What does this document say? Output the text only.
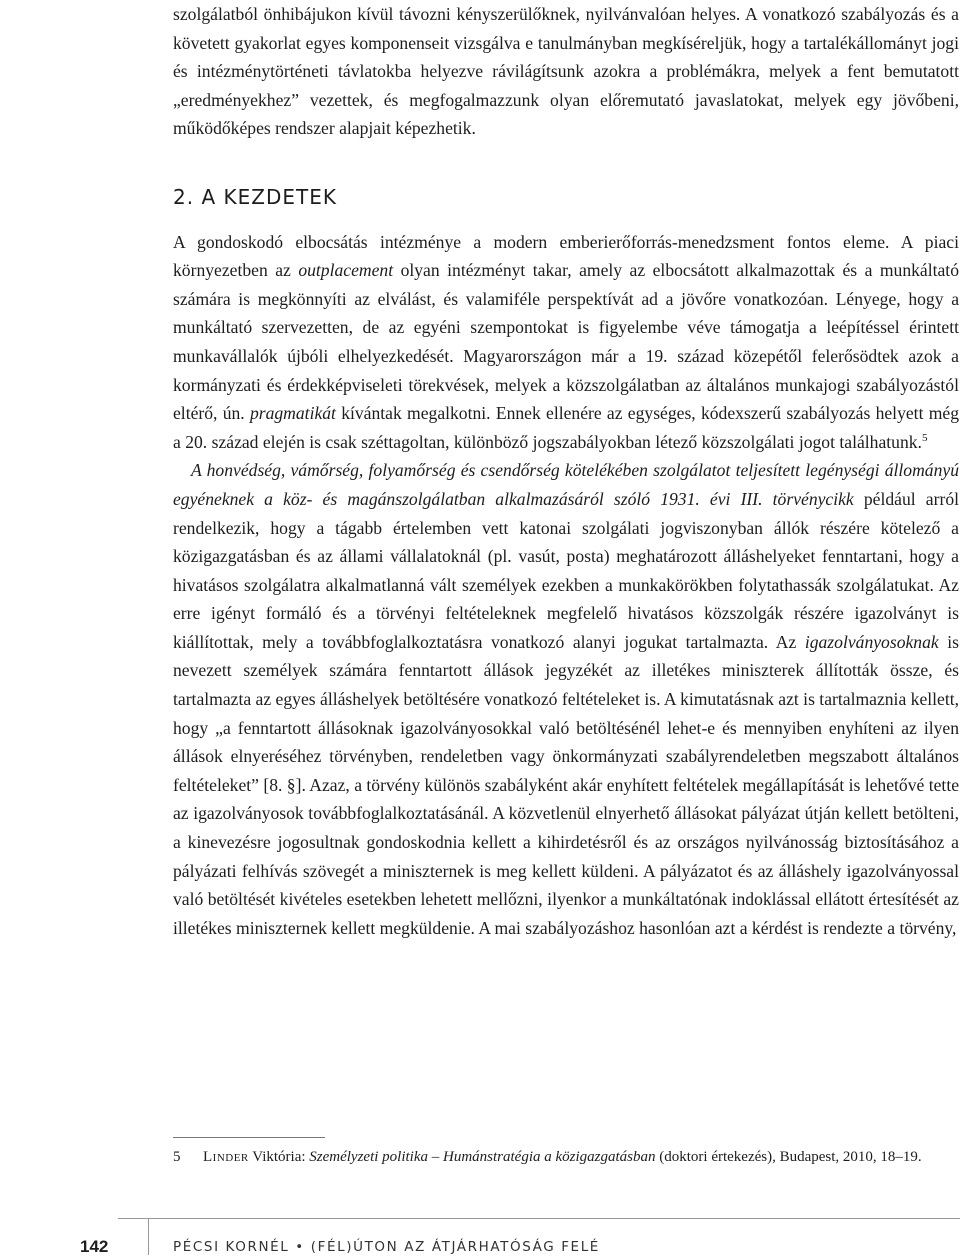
szolgálatból önhibájukon kívül távozni kényszerülőknek, nyilvánvalóan helyes. A vonatkozó szabályozás és a követett gyakorlat egyes komponenseit vizsgálva e tanulmányban megkíséreljük, hogy a tartalékállományt jogi és intézménytörténeti távlatokba helyezve rávilágítsunk azokra a problémákra, melyek a fent bemutatott „eredményekhez” vezettek, és megfogalmazzunk olyan előremutató javaslatokat, melyek egy jövőbeni, működőképes rendszer alapjait képezhetik.

2. A KEZDETEK

A gondoskodó elbocsátás intézménye a modern emberierőforrás-menedzsment fontos eleme. A piaci környezetben az outplacement olyan intézményt takar, amely az elbocsátott alkalmazottak és a munkáltató számára is megkönnyíti az elválást, és valamiféle perspektívát ad a jövőre vonatkozóan. Lényege, hogy a munkáltató szervezetten, de az egyéni szempontokat is figyelembe véve támogatja a leépítéssel érintett munkavállalók újbóli elhelyezkedését. Magyarországon már a 19. század közepétől felerősödtek azok a kormányzati és érdekképviseleti törekvések, melyek a közszolgálatban az általános munkajogi szabályozástól eltérő, ún. pragmatikát kívántak megalkotni. Ennek ellenére az egységes, kódexszerű szabályozás helyett még a 20. század elején is csak széttagoltan, különböző jogszabályokban létező közszolgálati jogot találhatunk.$^5$

A honvédség, vámőrség, folyamőrség és csendőrség kötelékében szolgálatot teljesített legénységi állományú egyéneknek a köz- és magánszolgálatban alkalmazásáról szóló 1931. évi III. törvénycikk például arról rendelkezik, hogy a tágabb értelemben vett katonai szolgálati jogviszonyban állók részére kötelező a közigazgatásban és az állami vállalatoknál (pl. vasút, posta) meghatározott álláshelyeket fenntartani, hogy a hivatásos szolgálatra alkalmatlanná vált személyek ezekben a munkakörökben folytathassák szolgálatukat. Az erre igényt formáló és a törvényi feltételeknek megfelelő hivatásos közszolgák részére igazolványt is kiállítottak, mely a továbbfoglalkoztatásra vonatkozó alanyi jogukat tartalmazta. Az igazolványosoknak is nevezett személyek számára fenntartott állások jegyzékét az illetékes miniszterek állították össze, és tartalmazta az egyes álláshelyek betöltésére vonatkozó feltételeket is. A kimutatásnak azt is tartalmaznia kellett, hogy „a fenntartott állásoknak igazolványosokkal való betöltésénél lehet-e és mennyiben enyhíteni az ilyen állások elnyeréséhez törvényben, rendeletben vagy önkormányzati szabályrendeletben megszabott általános feltételeket” [8. §]. Azaz, a törvény különös szabályként akár enyhített feltételek megállapítását is lehetővé tette az igazolványosok továbbfoglalkoztatásánál. A közvetlenül elnyerhető állásokat pályázat útján kellett betölteni, a kinevezésre jogosultnak gondoskodnia kellett a kihirdetésről és az országos nyilvánosság biztosításához a pályázati felhívás szövegét a miniszternek is meg kellett küldeni. A pályázatot és az álláshely igazolványossal való betöltését kivételes esetekben lehetett mellőzni, ilyenkor a munkáltatónak indoklással ellátott értesítését az illetékes miniszternek kellett megküldenie. A mai szabályozáshoz hasonlóan azt a kérdést is rendezte a törvény,

5 Linder Viktória: Személyzeti politika – Humánstratégia a közigazgatásban (doktori értekezés), Budapest, 2010, 18–19.
142	PÉCSI KORNÉL • (FÉL)ÚTON AZ ÁTJÁRHATÓSÁG FELÉ
